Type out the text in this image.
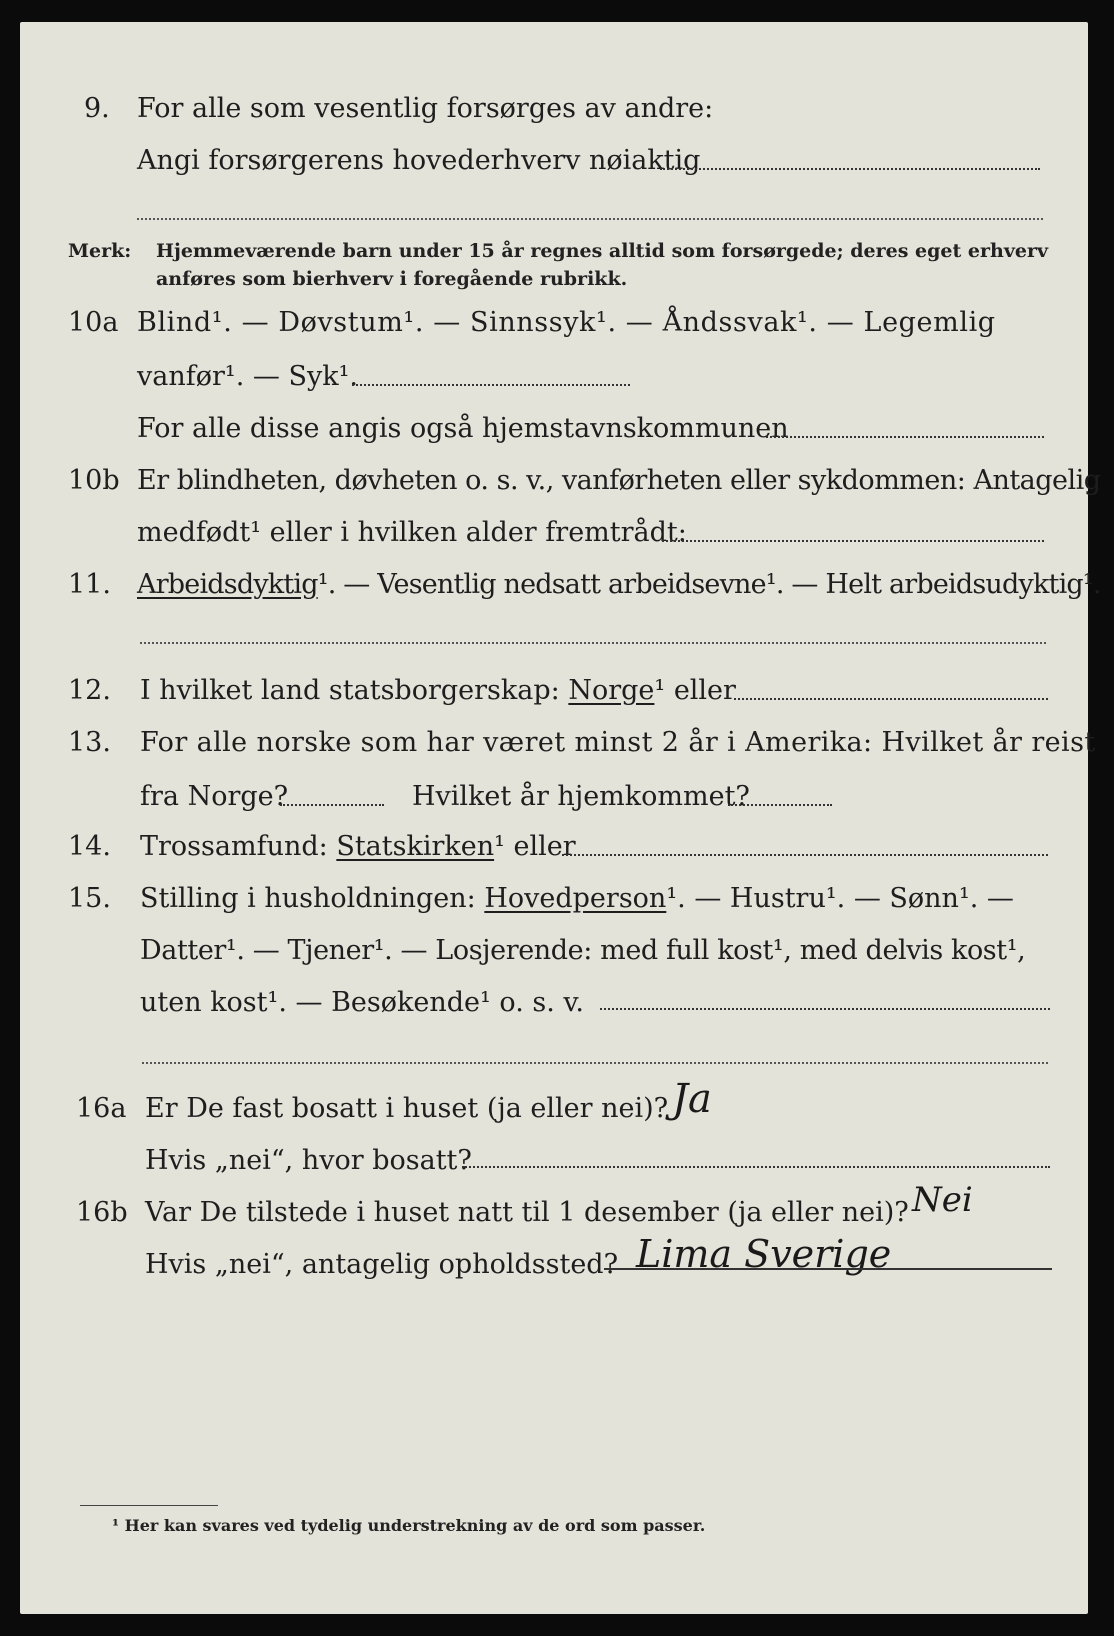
9. For alle som vesentlig forsørges av andre:
Angi forsørgerens hovederhverv nøiaktig
Merk: Hjemmeværende barn under 15 år regnes alltid som forsørgede; deres eget erhverv
anføres som bierhverv i foregående rubrikk.
10a Blind¹. — Døvstum¹. — Sinnssyk¹. — Åndssvak¹. — Legemlig
vanfør¹. — Syk¹.
For alle disse angis også hjemstavnskommunen
10b Er blindheten, døvheten o. s. v., vanførheten eller sykdommen: Antagelig
medfødt¹ eller i hvilken alder fremtrådt:
11. Arbeidsdyktig¹. — Vesentlig nedsatt arbeidsevne¹. — Helt arbeidsudyktig¹.
12. I hvilket land statsborgerskap: Norge¹ eller
13. For alle norske som har været minst 2 år i Amerika: Hvilket år reist
fra Norge?	Hvilket år hjemkommet?
14. Trossamfund: Statskirken¹ eller
15. Stilling i husholdningen: Hovedperson¹. — Hustru¹. — Sønn¹. —
Datter¹. — Tjener¹. — Losjerende: med full kost¹, med delvis kost¹,
uten kost¹. — Besøkende¹ o. s. v.
16a Er De fast bosatt i huset (ja eller nei)? Ja
Hvis „nei“, hvor bosatt?
16b Var De tilstede i huset natt til 1 desember (ja eller nei)? Nei
Hvis „nei“, antagelig opholdssted? Lima Sverige
¹ Her kan svares ved tydelig understrekning av de ord som passer.
